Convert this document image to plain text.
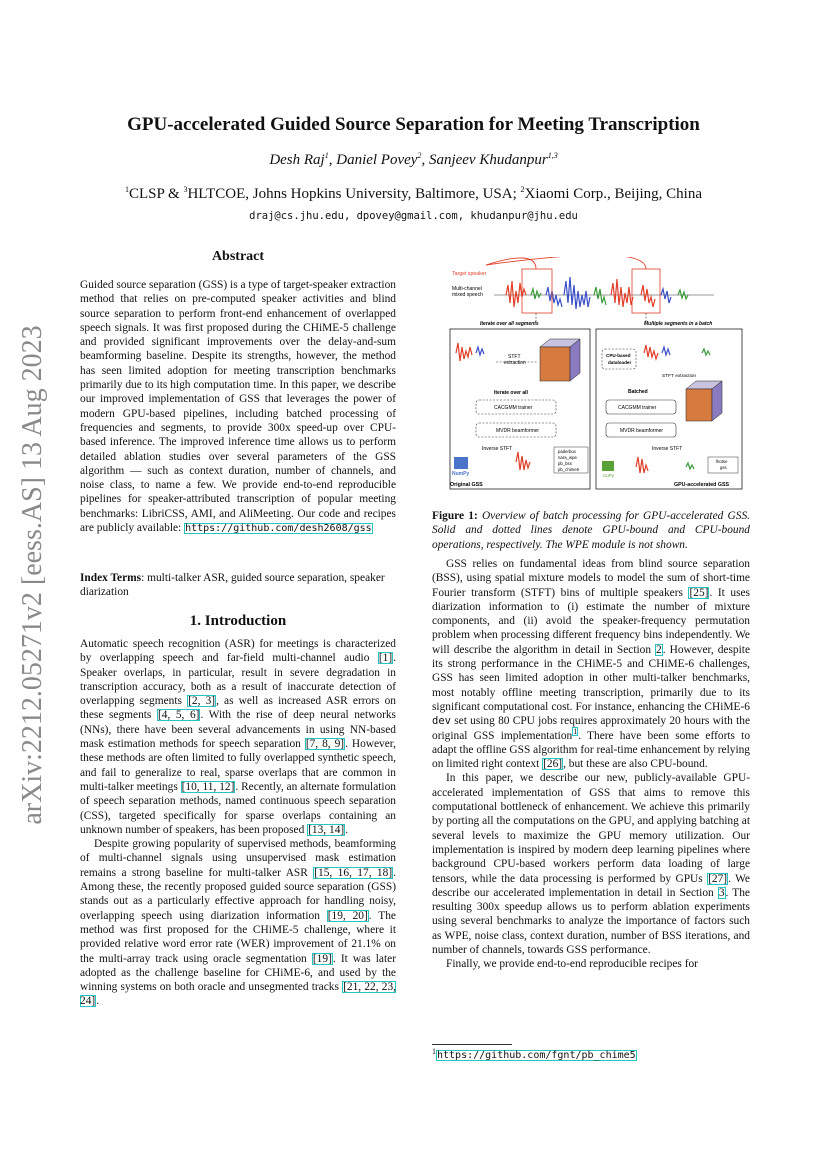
arXiv:2212.05271v2 [eess.AS] 13 Aug 2023
GPU-accelerated Guided Source Separation for Meeting Transcription
Desh Raj$^1$, Daniel Povey$^2$, Sanjeev Khudanpur$^{1,3}$
$^1$CLSP & $^3$HLTCOE, Johns Hopkins University, Baltimore, USA; $^2$Xiaomi Corp., Beijing, China
draj@cs.jhu.edu, dpovey@gmail.com, khudanpur@jhu.edu
Abstract

Guided source separation (GSS) is a type of target-speaker extraction method that relies on pre-computed speaker activities and blind source separation to perform front-end enhancement of overlapped speech signals. It was first proposed during the CHiME-5 challenge and provided significant improvements over the delay-and-sum beamforming baseline. Despite its strengths, however, the method has seen limited adoption for meeting transcription benchmarks primarily due to its high computation time. In this paper, we describe our improved implementation of GSS that leverages the power of modern GPU-based pipelines, including batched processing of frequencies and segments, to provide 300x speed-up over CPU-based inference. The improved inference time allows us to perform detailed ablation studies over several parameters of the GSS algorithm — such as context duration, number of channels, and noise class, to name a few. We provide end-to-end reproducible pipelines for speaker-attributed transcription of popular meeting benchmarks: LibriCSS, AMI, and AliMeeting. Our code and recipes are publicly available: https://github.com/desh2608/gss

Index Terms: multi-talker ASR, guided source separation, speaker diarization
1. Introduction

Automatic speech recognition (ASR) for meetings is characterized by overlapping speech and far-field multi-channel audio [1]. Speaker overlaps, in particular, result in severe degradation in transcription accuracy, both as a result of inaccurate detection of overlapping segments [2, 3], as well as increased ASR errors on these segments [4, 5, 6]. With the rise of deep neural networks (NNs), there have been several advancements in using NN-based mask estimation methods for speech separation [7, 8, 9]. However, these methods are often limited to fully overlapped synthetic speech, and fail to generalize to real, sparse overlaps that are common in multi-talker meetings [10, 11, 12]. Recently, an alternate formulation of speech separation methods, named continuous speech separation (CSS), targeted specifically for sparse overlaps containing an unknown number of speakers, has been proposed [13, 14].

Despite growing popularity of supervised methods, beamforming of multi-channel signals using unsupervised mask estimation remains a strong baseline for multi-talker ASR [15, 16, 17, 18]. Among these, the recently proposed guided source separation (GSS) stands out as a particularly effective approach for handling noisy, overlapping speech using diarization information [19, 20]. The method was first proposed for the CHiME-5 challenge, where it provided relative word error rate (WER) improvement of 21.1% on the multi-array track using oracle segmentation [19]. It was later adopted as the challenge baseline for CHiME-6, and used by the winning systems on both oracle and unsegmented tracks [21, 22, 23, 24].

Target speaker
Multi-channel
mixed speech
Iterate over all segments
STFT
extraction
Iterate over all
CACGMM trainer
MVDR beamformer
Inverse STFT	paderbox
nara_wpe
pb_bss
pb_chime5
NumPy
Original GSS
Multiple segments in a batch
CPU-based
dataloader
STFT extraction
Batched
CACGMM trainer
MVDR beamformer
Inverse STFT
lhotse
gss
CuPy
GPU-accelerated GSS
Figure 1: Overview of batch processing for GPU-accelerated GSS. Solid and dotted lines denote GPU-bound and CPU-bound operations, respectively. The WPE module is not shown.

GSS relies on fundamental ideas from blind source separation (BSS), using spatial mixture models to model the sum of short-time Fourier transform (STFT) bins of multiple speakers [25]. It uses diarization information to (i) estimate the number of mixture components, and (ii) avoid the speaker-frequency permutation problem when processing different frequency bins independently. We will describe the algorithm in detail in Section 2. However, despite its strong performance in the CHiME-5 and CHiME-6 challenges, GSS has seen limited adoption in other multi-talker benchmarks, most notably offline meeting transcription, primarily due to its significant computational cost. For instance, enhancing the CHiME-6 dev set using 80 CPU jobs requires approximately 20 hours with the original GSS implementation$^1$. There have been some efforts to adapt the offline GSS algorithm for real-time enhancement by relying on limited right context [26], but these are also CPU-bound.

In this paper, we describe our new, publicly-available GPU-accelerated implementation of GSS that aims to remove this computational bottleneck of enhancement. We achieve this primarily by porting all the computations on the GPU, and applying batching at several levels to maximize the GPU memory utilization. Our implementation is inspired by modern deep learning pipelines where background CPU-based workers perform data loading of large tensors, while the data processing is performed by GPUs [27]. We describe our accelerated implementation in detail in Section 3. The resulting 300x speedup allows us to perform ablation experiments using several benchmarks to analyze the importance of factors such as WPE, noise class, context duration, number of BSS iterations, and number of channels, towards GSS performance.

Finally, we provide end-to-end reproducible recipes for

$^1$https://github.com/fgnt/pb_chime5
